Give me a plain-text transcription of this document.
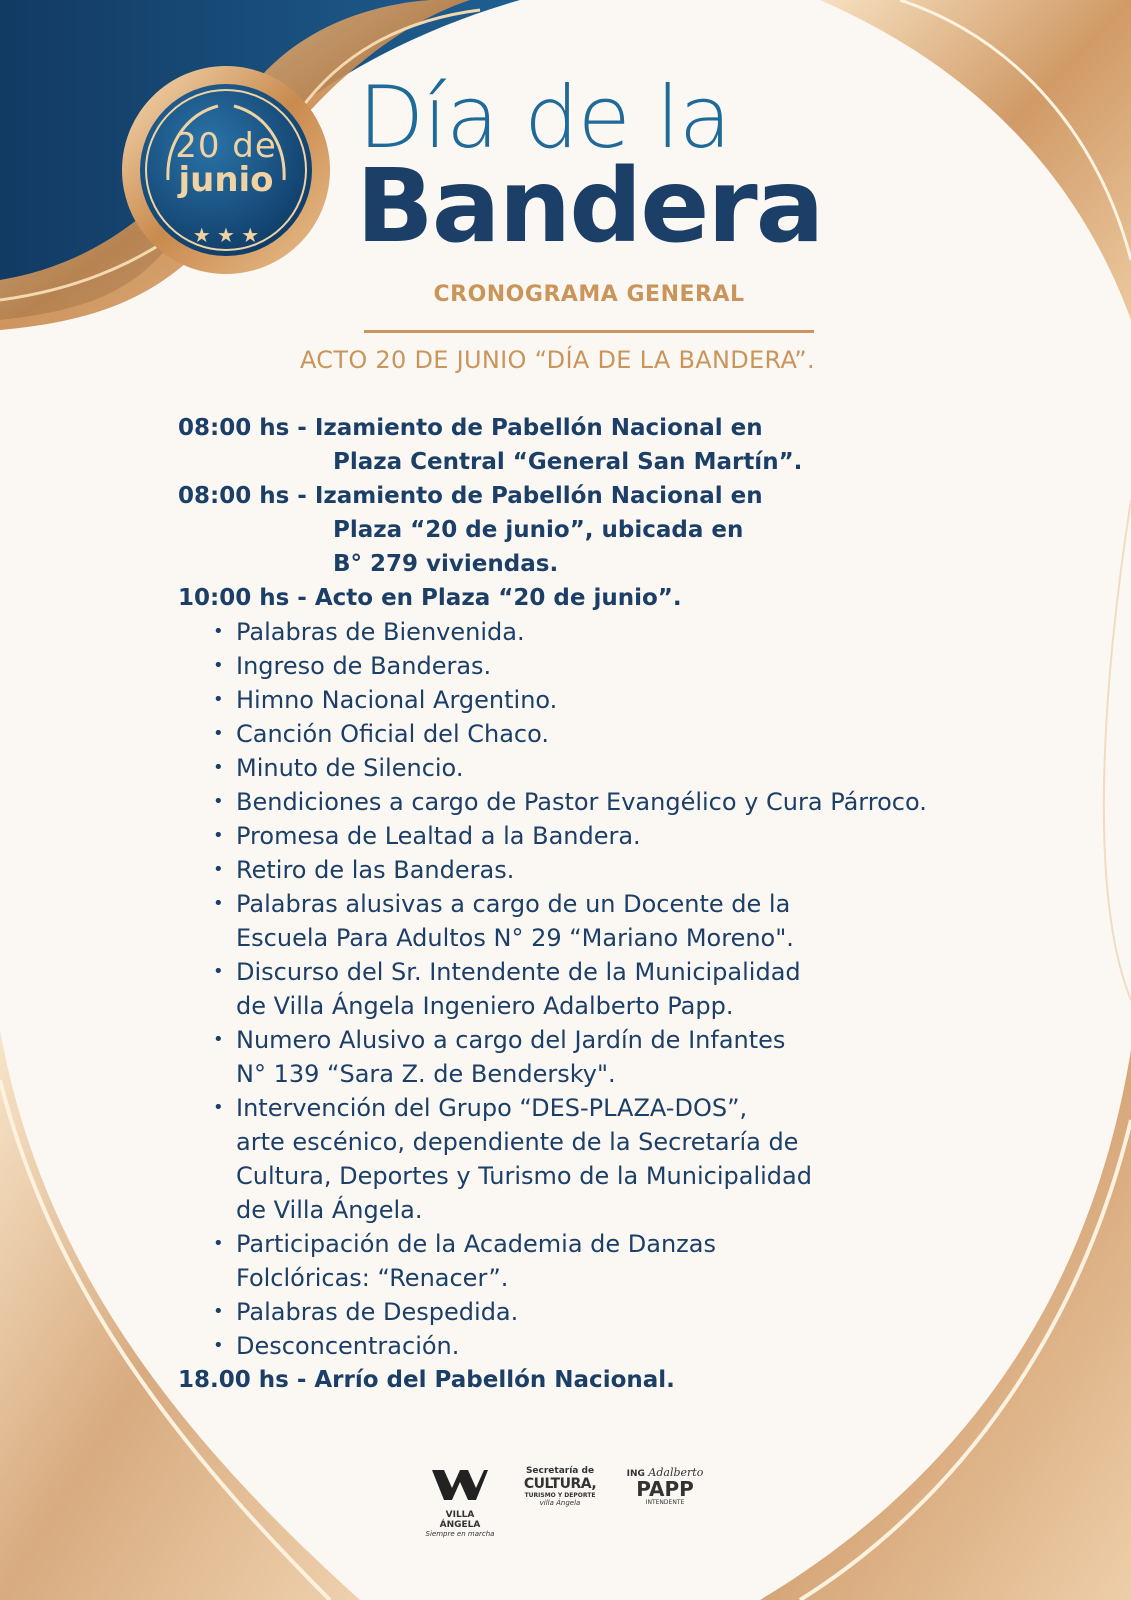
★ ★ ★
20 de
junio
Día de la
Bandera
CRONOGRAMA GENERAL
ACTO 20 DE JUNIO “DÍA DE LA BANDERA”.
08:00 hs - Izamiento de Pabellón Nacional en
Plaza Central “General San Martín”.
08:00 hs - Izamiento de Pabellón Nacional en
Plaza “20 de junio”, ubicada en
B° 279 viviendas.
10:00 hs - Acto en Plaza “20 de junio”.
• Palabras de Bienvenida.
• Ingreso de Banderas.
• Himno Nacional Argentino.
• Canción Oficial del Chaco.
• Minuto de Silencio.
• Bendiciones a cargo de Pastor Evangélico y Cura Párroco.
• Promesa de Lealtad a la Bandera.
• Retiro de las Banderas.
• Palabras alusivas a cargo de un Docente de la
Escuela Para Adultos N° 29 “Mariano Moreno".
• Discurso del Sr. Intendente de la Municipalidad
de Villa Ángela Ingeniero Adalberto Papp.
• Numero Alusivo a cargo del Jardín de Infantes
N° 139 “Sara Z. de Bendersky".
• Intervención del Grupo “DES-PLAZA-DOS”,
arte escénico, dependiente de la Secretaría de
Cultura, Deportes y Turismo de la Municipalidad
de Villa Ángela.
• Participación de la Academia de Danzas
Folclóricas: “Renacer”.
• Palabras de Despedida.
• Desconcentración.
18.00 hs - Arrío del Pabellón Nacional.
VILLA ÁNGELA
Siempre en marcha
Secretaría de
CULTURA,
TURISMO Y DEPORTE
villa Ángela
ING Adalberto
PAPP
INTENDENTE
